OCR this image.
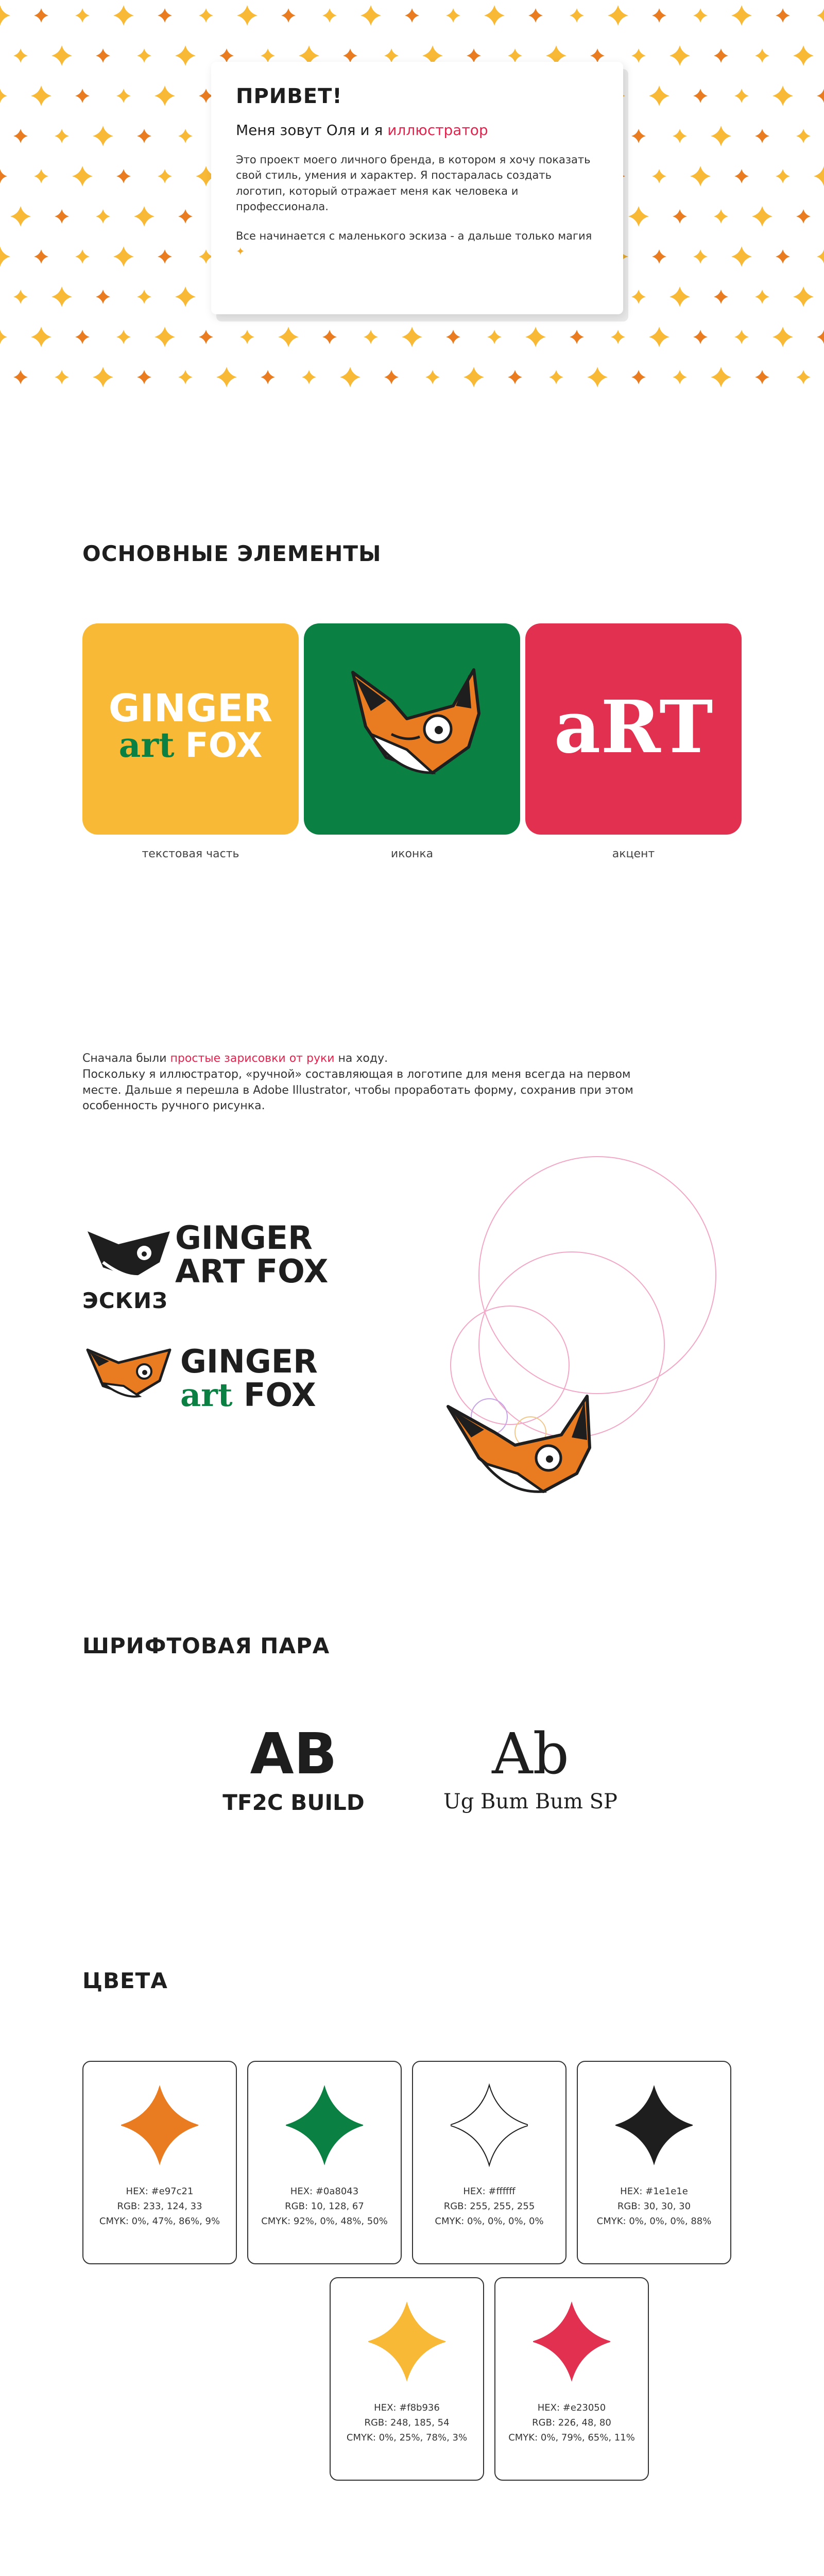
ПРИВЕТ!
Меня зовут Оля и я иллюстратор
Это проект моего личного бренда, в котором я хочу показать свой стиль, умения и характер. Я постаралась создать логотип, который отражает меня как человека и профессионала.
Все начинается с маленького эскиза - а дальше только магия ✦
ОСНОВНЫЕ ЭЛЕМЕНТЫ
GINGER
art FOX
текстовая часть	иконка
aRT
акцент
ЭСКИЗ
Сначала были простые зарисовки от руки на ходу.
Поскольку я иллюстратор, «ручной» составляющая в логотипе для меня всегда на первом месте. Дальше я перешла в Adobe Illustrator, чтобы проработать форму, сохранив при этом особенность ручного рисунка.
GINGER
ART FOX
GINGER
art FOX
ШРИФТОВАЯ ПАРА
AB
TF2C BUILD
Ab
Ug Bum Bum SP
ЦВЕТА
HEX: #e97c21
RGB: 233, 124, 33
CMYK: 0%, 47%, 86%, 9%
HEX: #0a8043
RGB: 10, 128, 67
CMYK: 92%, 0%, 48%, 50%
HEX: #ffffff
RGB: 255, 255, 255
CMYK: 0%, 0%, 0%, 0%
HEX: #1e1e1e
RGB: 30, 30, 30
CMYK: 0%, 0%, 0%, 88%
HEX: #f8b936
RGB: 248, 185, 54
CMYK: 0%, 25%, 78%, 3%
HEX: #e23050
RGB: 226, 48, 80
CMYK: 0%, 79%, 65%, 11%
